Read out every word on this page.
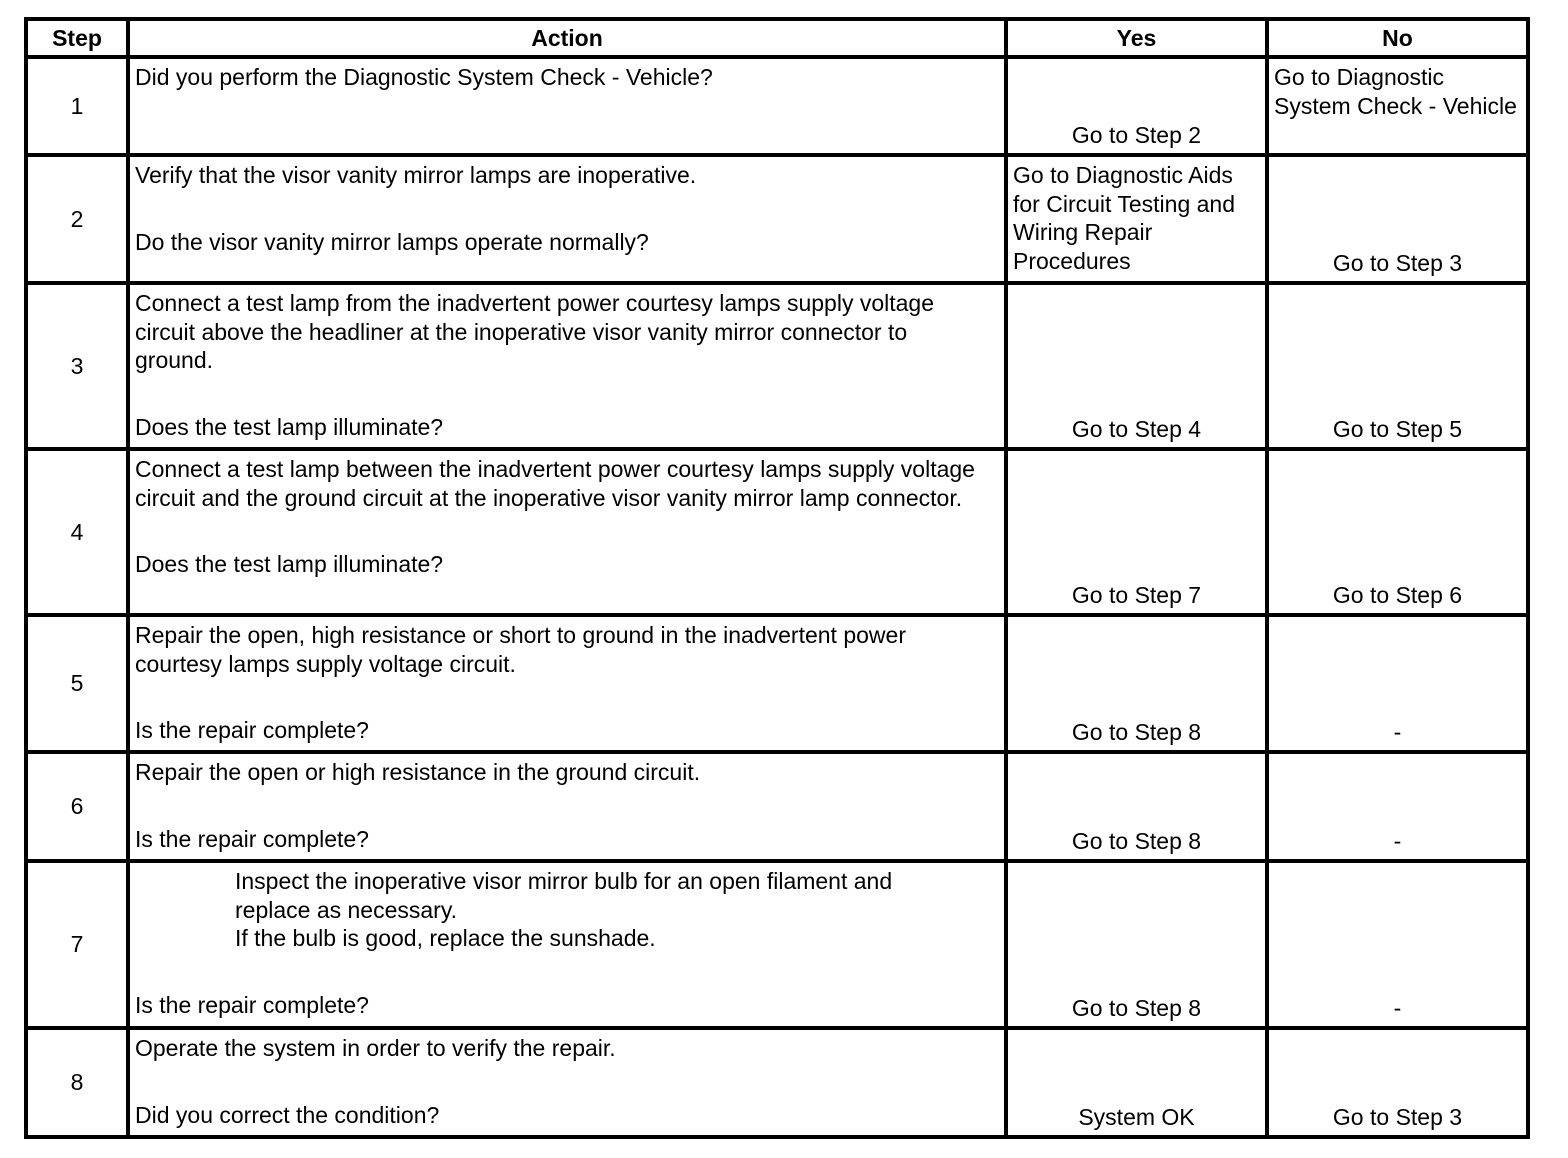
Step	Action	Yes	No
1	Did you perform the Diagnostic System Check - Vehicle?	Go to Step 2	Go to Diagnostic System Check - Vehicle
2	Verify that the visor vanity mirror lamps are inoperative.
Do the visor vanity mirror lamps operate normally?	Go to Diagnostic Aids for Circuit Testing and Wiring Repair Procedures	Go to Step 3
3	Connect a test lamp from the inadvertent power courtesy lamps supply voltage circuit above the headliner at the inoperative visor vanity mirror connector to ground.
Does the test lamp illuminate?	Go to Step 4	Go to Step 5
4	Connect a test lamp between the inadvertent power courtesy lamps supply voltage circuit and the ground circuit at the inoperative visor vanity mirror lamp connector.
Does the test lamp illuminate?	Go to Step 7	Go to Step 6
5	Repair the open, high resistance or short to ground in the inadvertent power courtesy lamps supply voltage circuit.
Is the repair complete?	Go to Step 8	-
6	Repair the open or high resistance in the ground circuit.
Is the repair complete?	Go to Step 8	-
7	Inspect the inoperative visor mirror bulb for an open filament and replace as necessary.
If the bulb is good, replace the sunshade.
Is the repair complete?	Go to Step 8	-
8	Operate the system in order to verify the repair.
Did you correct the condition?	System OK	Go to Step 3
